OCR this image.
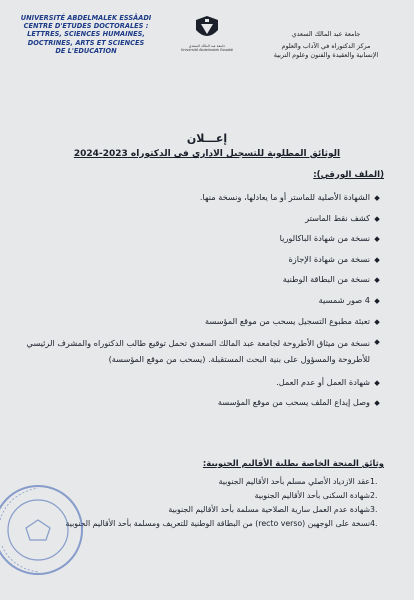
UNIVERSITÉ ABDELMALEK ESSÂADI
CENTRE D'ETUDES DOCTORALES :
LETTRES, SCIENCES HUMAINES,
DOCTRINES, ARTS ET SCIENCES
DE L'EDUCATION
جامعة عبد المالك السعدي
Université Abdelmalek Essaâdi
جامعة عبد المالك السعدي
مركز الدكتوراه في الآداب والعلوم
الإنسانية والعقيدة والفنون وعلوم التربية
إعـــلان
الوثائق المطلوبة للتسجيل الاداري في الدكتوراه 2023-2024
(الملف الورقي):
◆
الشهادة الأصلية للماستر أو ما يعادلها، ونسخة منها.
◆
كشف نقط الماستر
◆
نسخة من شهادة الباكالوريا
◆
نسخة من شهادة الإجازة
◆
نسخة من البطاقة الوطنية
◆
4 صور شمسية
◆
تعبئة مطبوع التسجيل يسحب من موقع المؤسسة
◆
نسخة من ميثاق الأطروحة لجامعة عبد المالك السعدي تحمل توقيع طالب الدكتوراه والمشرف الرئيسي للأطروحة والمسؤول على بنية البحث المستقبلة. (يسحب من موقع المؤسسة)
◆
شهادة العمل أو عدم العمل.
◆
وصل إيداع الملف يسحب من موقع المؤسسة
وثائق المنحة الخاصة بطلبة الأقاليم الجنوبية:
1.
عقد الازدياد الأصلي مسلم بأحد الأقاليم الجنوبية
2.
شهادة السكنى بأحد الأقاليم الجنوبية
3.
شهادة عدم العمل سارية الصلاحية مسلمة بأحد الأقاليم الجنوبية
4.
نسخة على الوجهين (recto verso) من البطاقة الوطنية للتعريف ومسلمة بأحد الأقاليم الجنوبية
